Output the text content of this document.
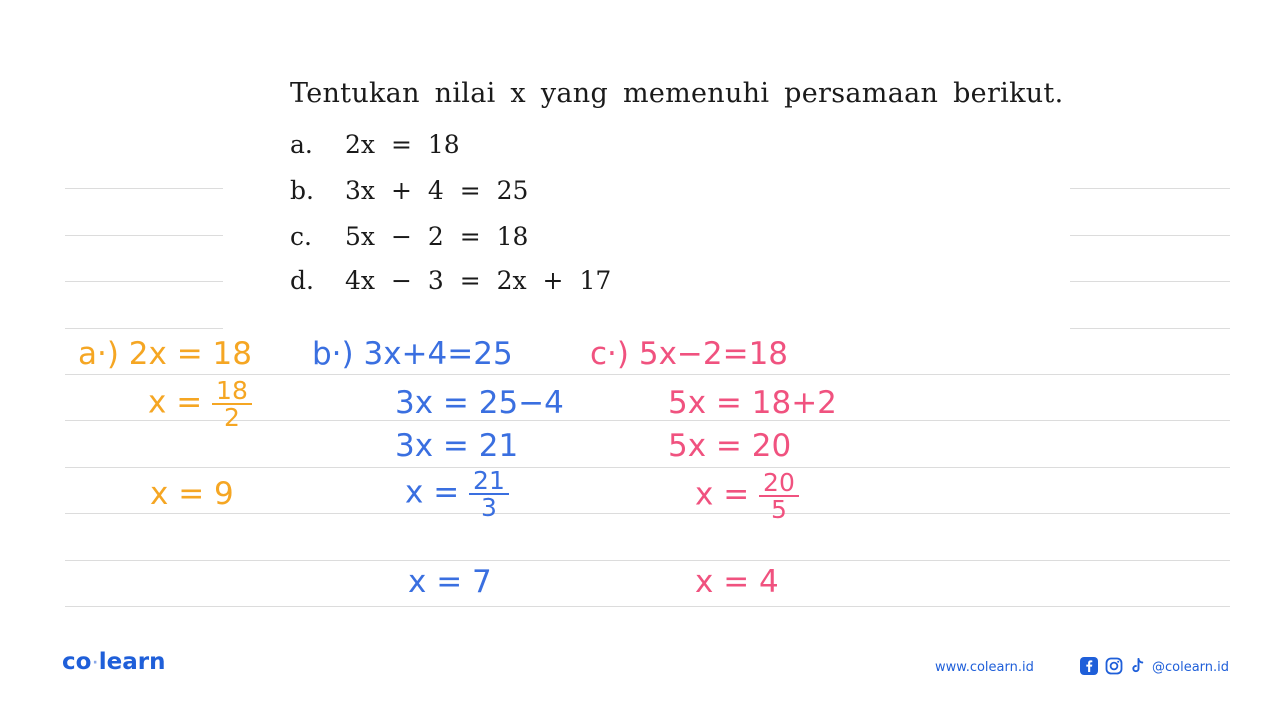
Tentukan nilai x yang memenuhi persamaan berikut.
a. 2x = 18
b. 3x + 4 = 25
c. 5x − 2 = 18
d. 4x − 3 = 2x + 17
a·) 2x = 18
$x = \frac{18}{2}$
x = 9
b·) 3x+4=25
3x = 25−4
3x = 21
$x = \frac{21}{3}$
x = 7
c·) 5x−2=18
5x = 18+2
5x = 20
$x = \frac{20}{5}$
x = 4
co·learn	www.colearn.id	@colearn.id
